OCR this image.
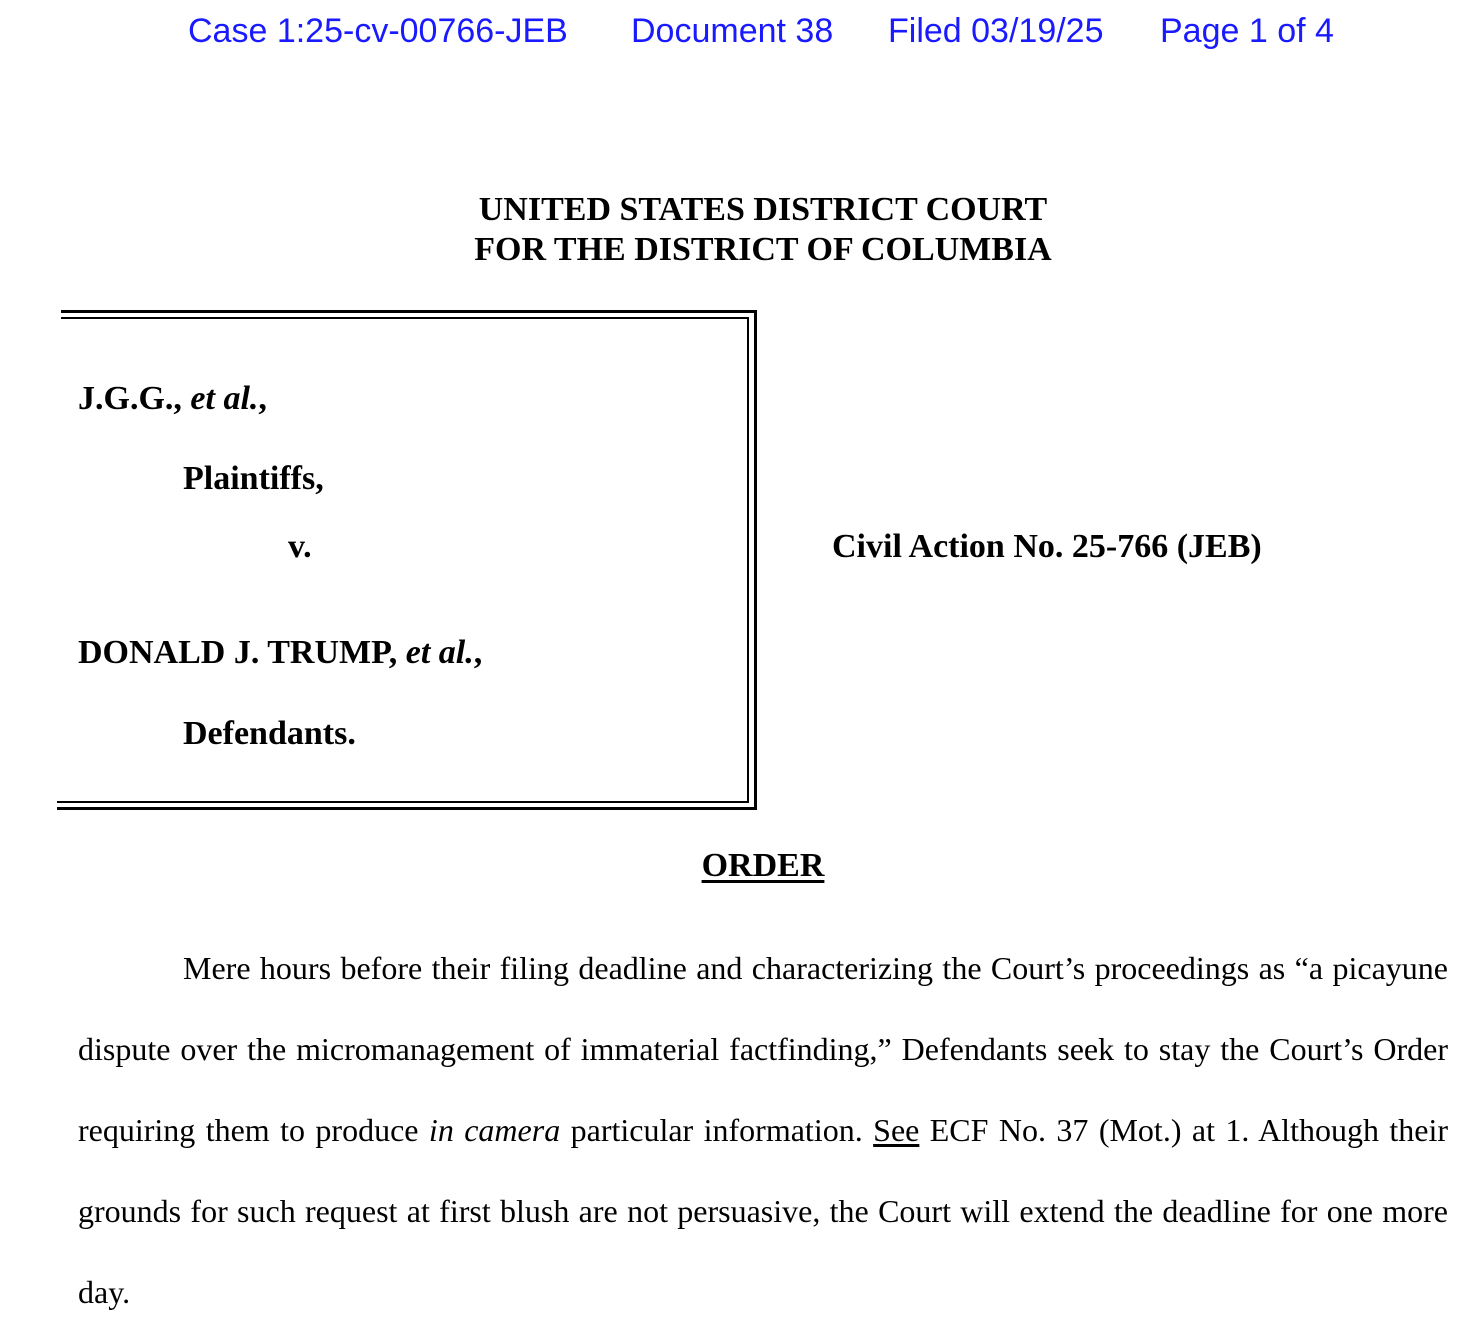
Case 1:25-cv-00766-JEB Document 38 Filed 03/19/25 Page 1 of 4
UNITED STATES DISTRICT COURT
FOR THE DISTRICT OF COLUMBIA
J.G.G., et al.,
Plaintiffs,
v.
DONALD J. TRUMP, et al.,
Defendants.
Civil Action No. 25-766 (JEB)
ORDER
Mere hours before their filing deadline and characterizing the Court’s proceedings as “a picayune dispute over the micromanagement of immaterial factfinding,” Defendants seek to stay the Court’s Order requiring them to produce in camera particular information. See ECF No. 37 (Mot.) at 1. Although their grounds for such request at first blush are not persuasive, the Court will extend the deadline for one more day.
